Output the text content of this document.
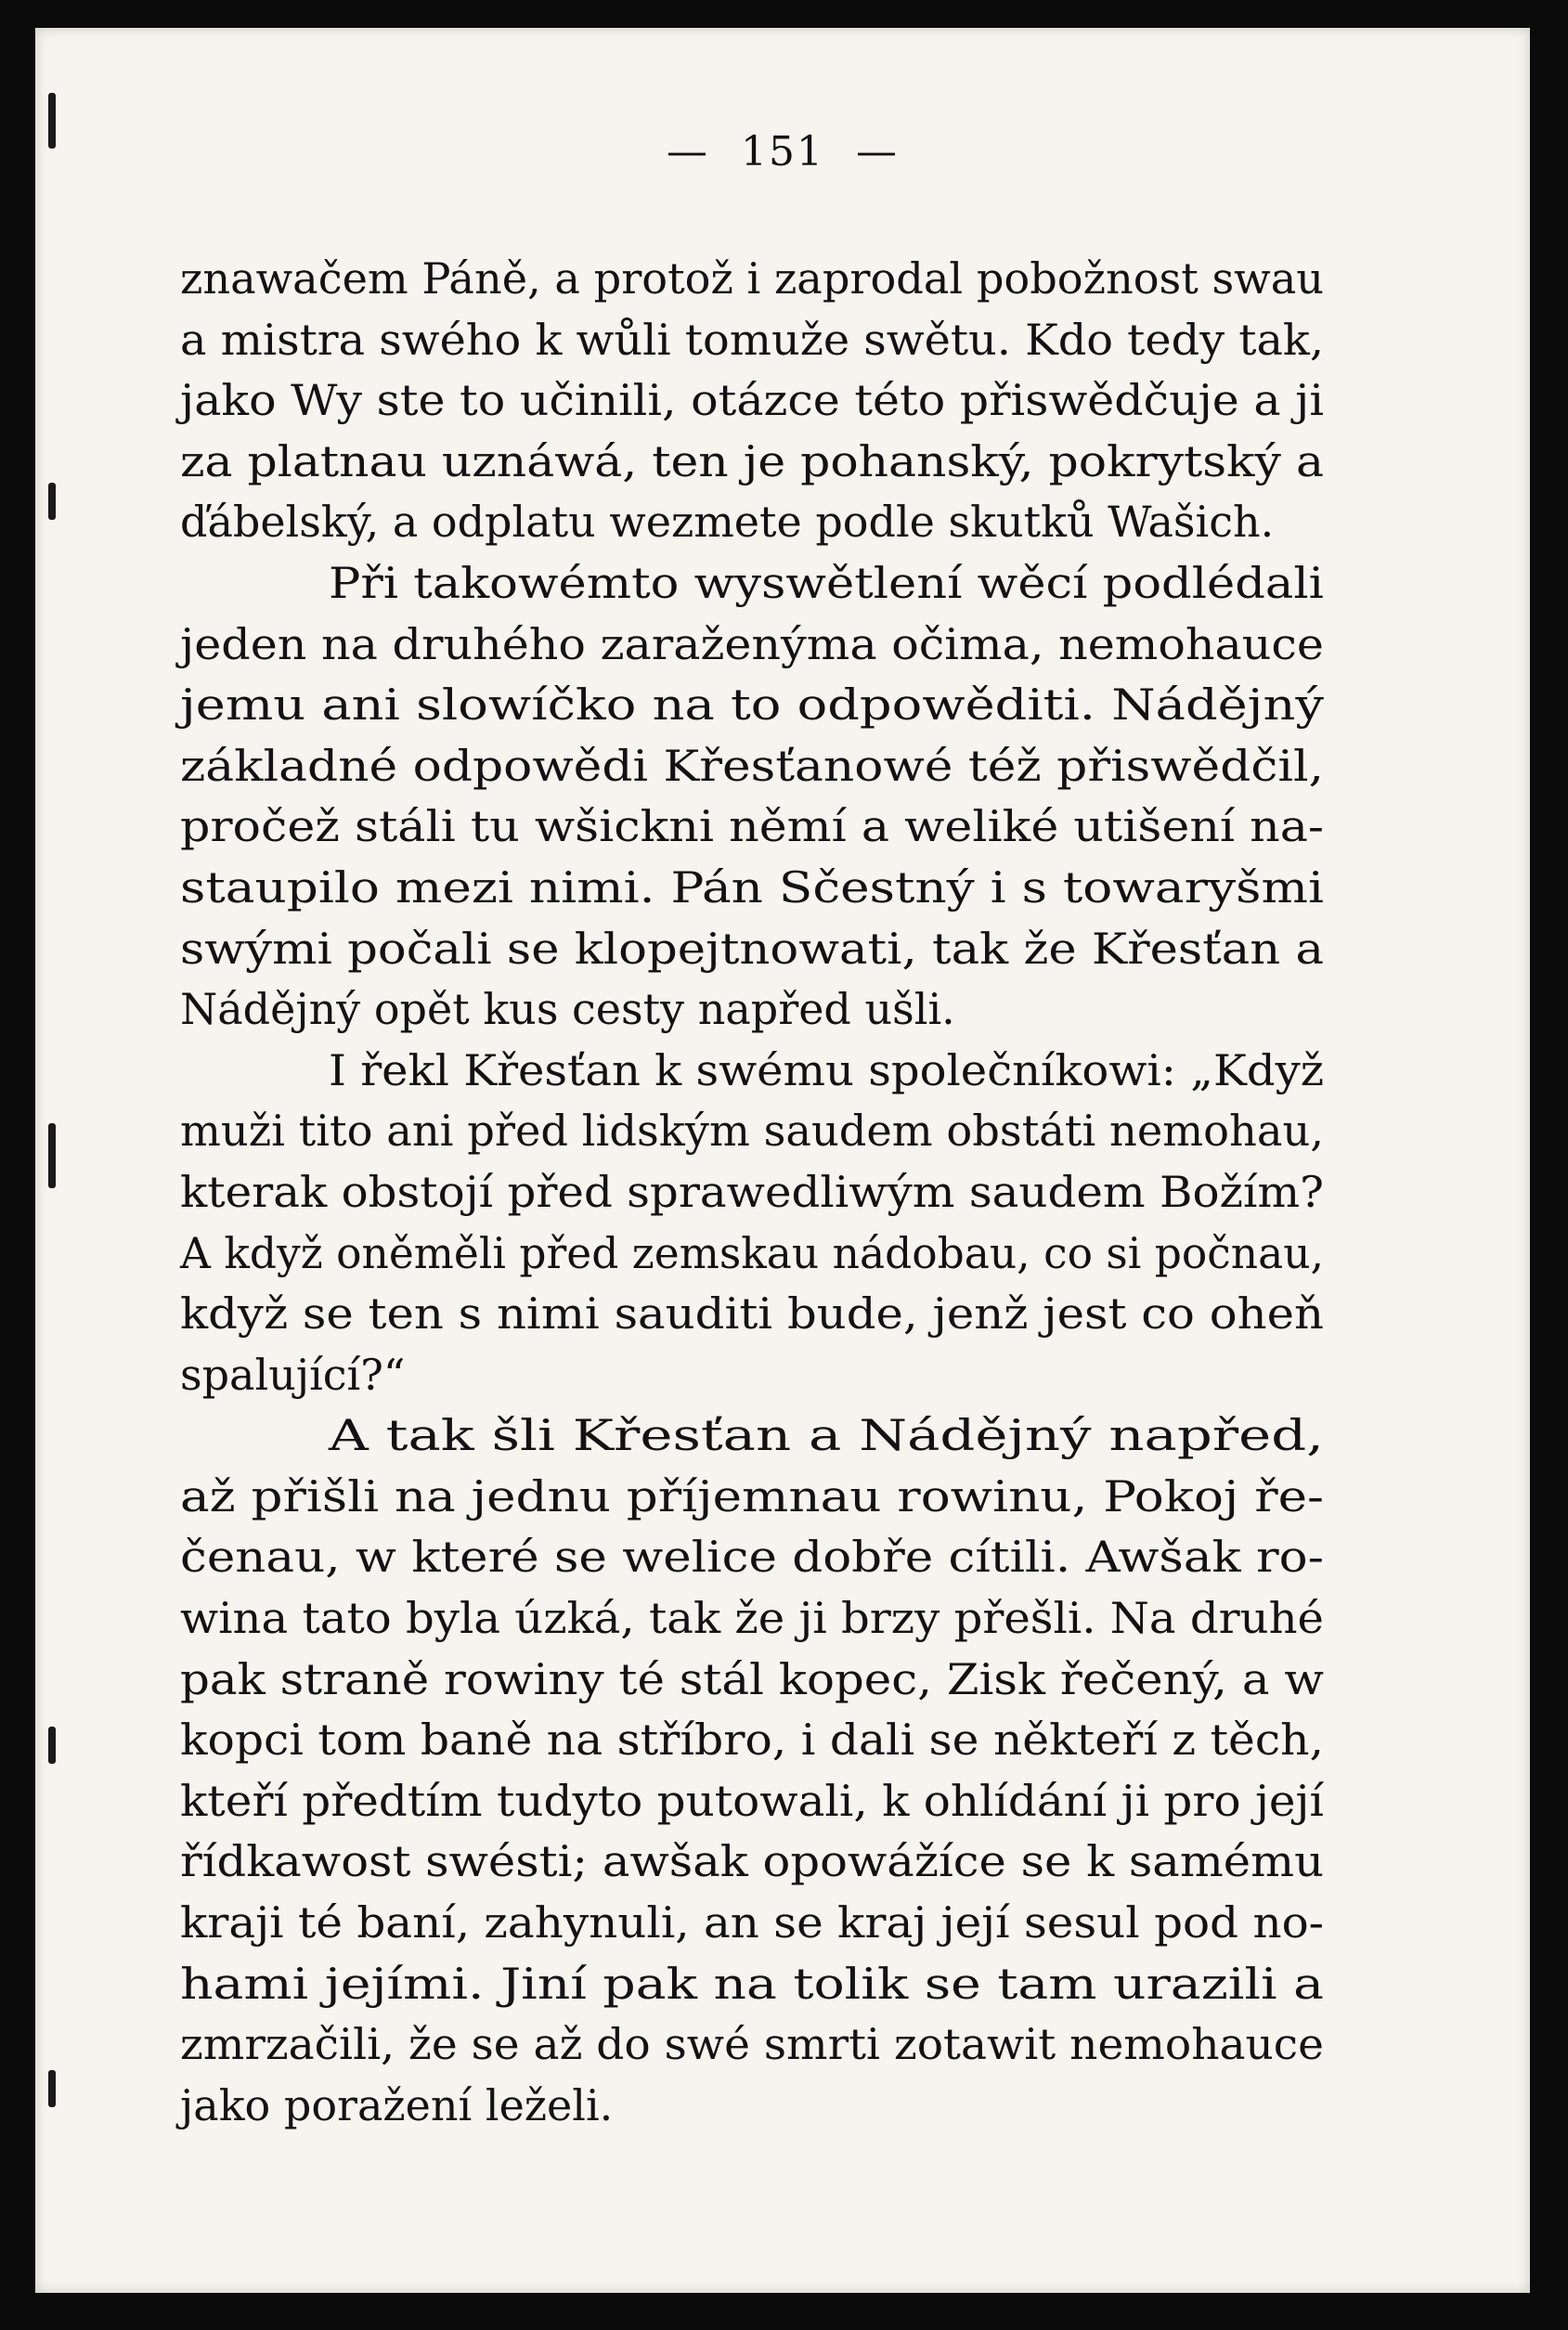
— 151 —
znawačem Páně, a protož i zaprodal pobožnost swau
a mistra swého k wůli tomuže swětu. Kdo tedy tak,
jako Wy ste to učinili, otázce této přiswědčuje a ji
za platnau uznáwá, ten je pohanský, pokrytský a
ďábelský, a odplatu wezmete podle skutků Wašich.
Při takowémto wyswětlení wěcí podlédali
jeden na druhého zaraženýma očima, nemohauce
jemu ani slowíčko na to odpowěditi. Nádějný
základné odpowědi Křesťanowé též přiswědčil,
pročež stáli tu wšickni němí a weliké utišení na-
staupilo mezi nimi. Pán Sčestný i s towaryšmi
swými počali se klopejtnowati, tak že Křesťan a
Nádějný opět kus cesty napřed ušli.
I řekl Křesťan k swému společníkowi: „Když
muži tito ani před lidským saudem obstáti nemohau,
kterak obstojí před sprawedliwým saudem Božím?
A když oněměli před zemskau nádobau, co si počnau,
když se ten s nimi sauditi bude, jenž jest co oheň
spalující?“
A tak šli Křesťan a Nádějný napřed,
až přišli na jednu příjemnau rowinu, Pokoj ře-
čenau, w které se welice dobře cítili. Awšak ro-
wina tato byla úzká, tak že ji brzy přešli. Na druhé
pak straně rowiny té stál kopec, Zisk řečený, a w
kopci tom baně na stříbro, i dali se někteří z těch,
kteří předtím tudyto putowali, k ohlídání ji pro její
řídkawost swésti; awšak opowážíce se k samému
kraji té baní, zahynuli, an se kraj její sesul pod no-
hami jejími. Jiní pak na tolik se tam urazili a
zmrzačili, že se až do swé smrti zotawit nemohauce
jako poražení leželi.
